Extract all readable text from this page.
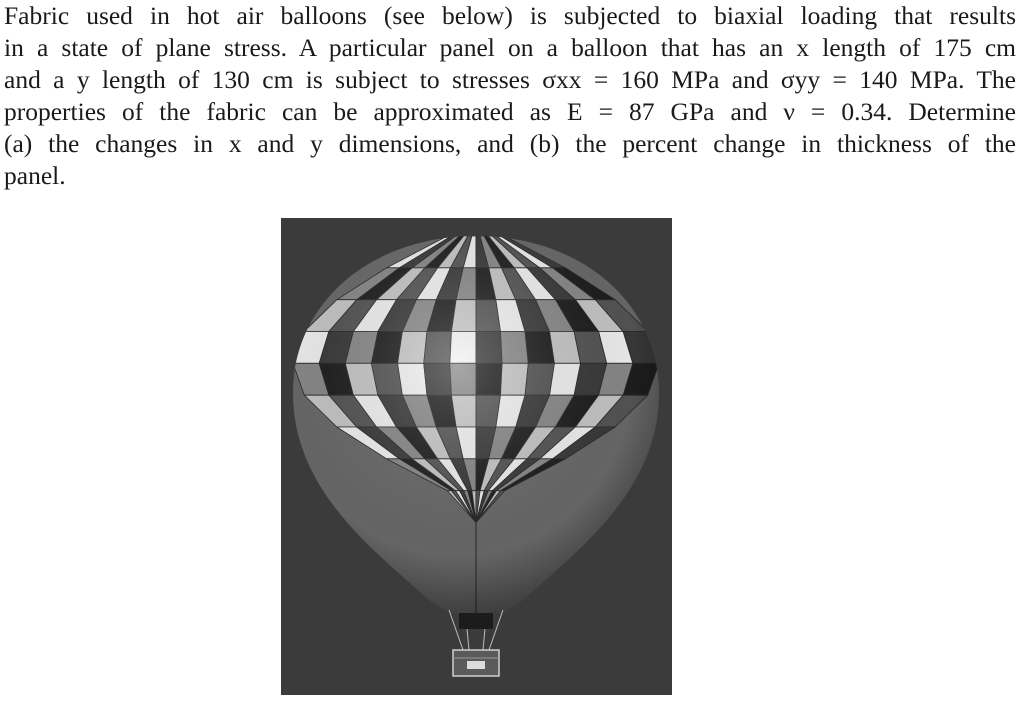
Fabric used in hot air balloons (see below) is subjected to biaxial loading that results
in a state of plane stress. A particular panel on a balloon that has an x length of 175 cm
and a y length of 130 cm is subject to stresses σxx = 160 MPa and σyy = 140 MPa. The
properties of the fabric can be approximated as E = 87 GPa and ν = 0.34. Determine
(a) the changes in x and y dimensions, and (b) the percent change in thickness of the
panel.
